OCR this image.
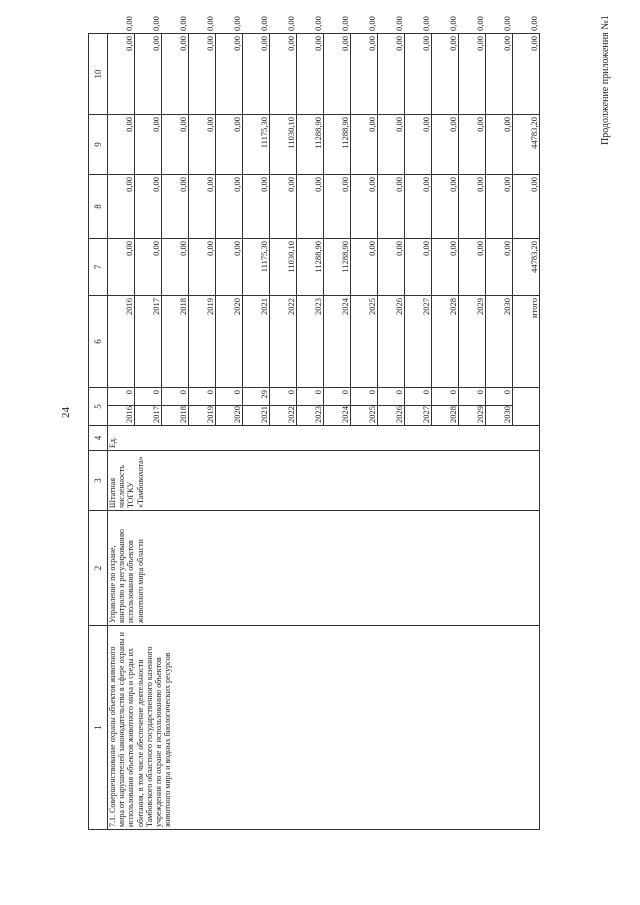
24
Продолжение приложения №1
1	2	3	4	5		6	7	8	9	10	
7.1. Совершенствование охраны объектов животного мира от нарушителей законодательства в сфере охраны и использования объектов животного мира и среды их обитания, в том числе обеспечение деятельности Тамбовского областного государственного казенного учреждения по охране и использованию объектов животного мира и водных биологических ресурсов	Управление по охране, контролю и регулированию использования объектов животного мира области	Штатная численность ТОГКУ «Тамбовохота»	Ед.	2016	0	2016	0,00	0,00	0,00	0,00	0,00
				2017	0	2017	0,00	0,00	0,00	0,00	0,00
				2018	0	2018	0,00	0,00	0,00	0,00	0,00
				2019	0	2019	0,00	0,00	0,00	0,00	0,00
				2020	0	2020	0,00	0,00	0,00	0,00	0,00
				2021	29	2021	11175,30	0,00	11175,30	0,00	0,00
				2022	0	2022	11030,10	0,00	11030,10	0,00	0,00
				2023	0	2023	11288,90	0,00	11288,90	0,00	0,00
				2024	0	2024	11288,90	0,00	11288,90	0,00	0,00
				2025	0	2025	0,00	0,00	0,00	0,00	0,00
				2026	0	2026	0,00	0,00	0,00	0,00	0,00
				2027	0	2027	0,00	0,00	0,00	0,00	0,00
				2028	0	2028	0,00	0,00	0,00	0,00	0,00
				2029	0	2029	0,00	0,00	0,00	0,00	0,00
				2030	0	2030	0,00	0,00	0,00	0,00	0,00
						итого	44783,20	0,00	44783,20	0,00	0,00
